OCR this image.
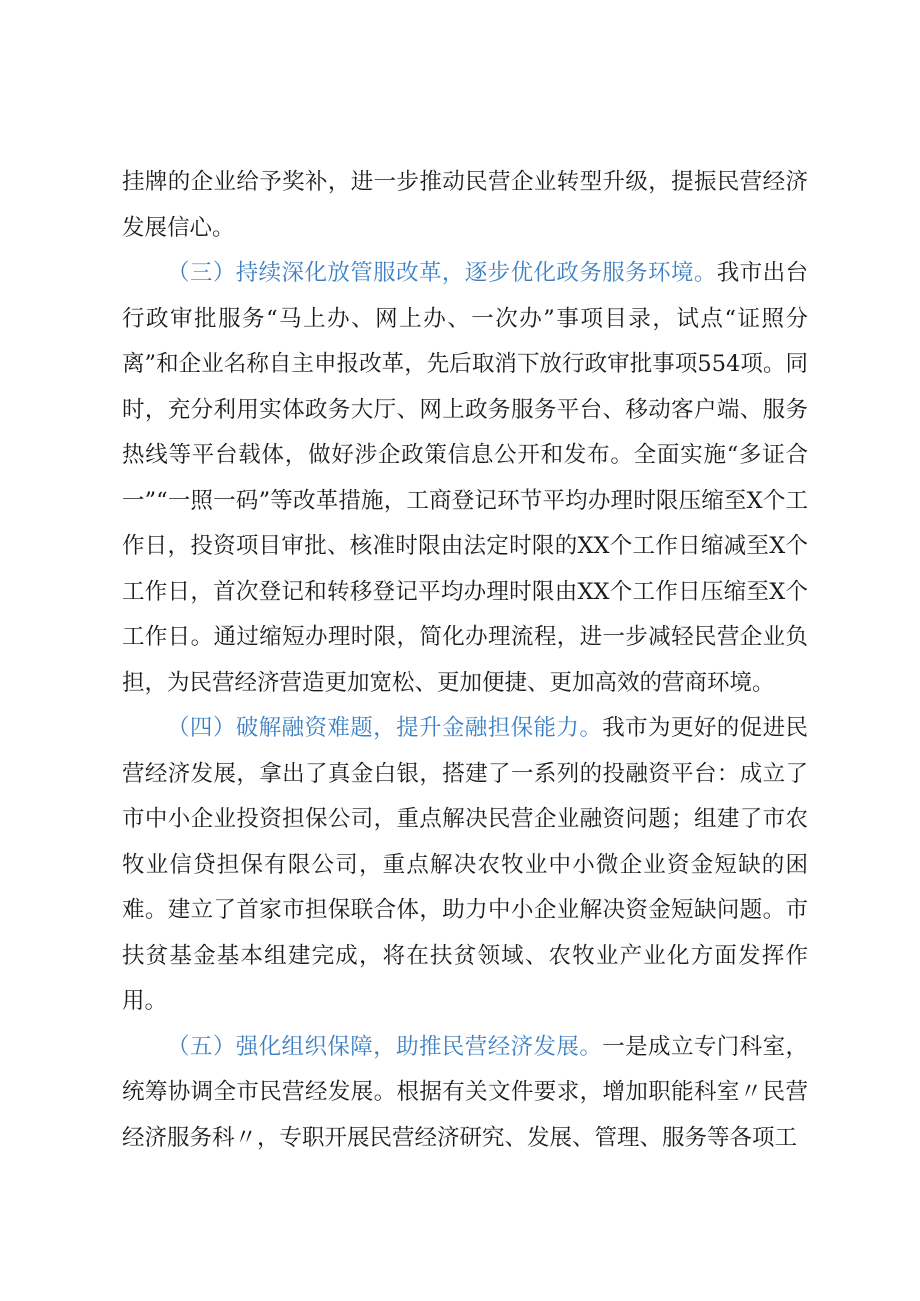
挂牌的企业给予奖补，进一步推动民营企业转型升级，提振民营经济发展信心。

（三）持续深化放管服改革，逐步优化政务服务环境。我市出台行政审批服务“马上办、网上办、一次办”事项目录，试点“证照分离”和企业名称自主申报改革，先后取消下放行政审批事项554项。同时，充分利用实体政务大厅、网上政务服务平台、移动客户端、服务热线等平台载体，做好涉企政策信息公开和发布。全面实施“多证合一”“一照一码”等改革措施，工商登记环节平均办理时限压缩至X个工作日，投资项目审批、核准时限由法定时限的XX个工作日缩减至X个工作日，首次登记和转移登记平均办理时限由XX个工作日压缩至X个工作日。通过缩短办理时限，简化办理流程，进一步减轻民营企业负担，为民营经济营造更加宽松、更加便捷、更加高效的营商环境。

（四）破解融资难题，提升金融担保能力。我市为更好的促进民营经济发展，拿出了真金白银，搭建了一系列的投融资平台：成立了市中小企业投资担保公司，重点解决民营企业融资问题；组建了市农牧业信贷担保有限公司，重点解决农牧业中小微企业资金短缺的困难。建立了首家市担保联合体，助力中小企业解决资金短缺问题。市扶贫基金基本组建完成，将在扶贫领域、农牧业产业化方面发挥作用。

（五）强化组织保障，助推民营经济发展。一是成立专门科室，统筹协调全市民营经发展。根据有关文件要求，增加职能科室〃民营经济服务科〃，专职开展民营经济研究、发展、管理、服务等各项工
